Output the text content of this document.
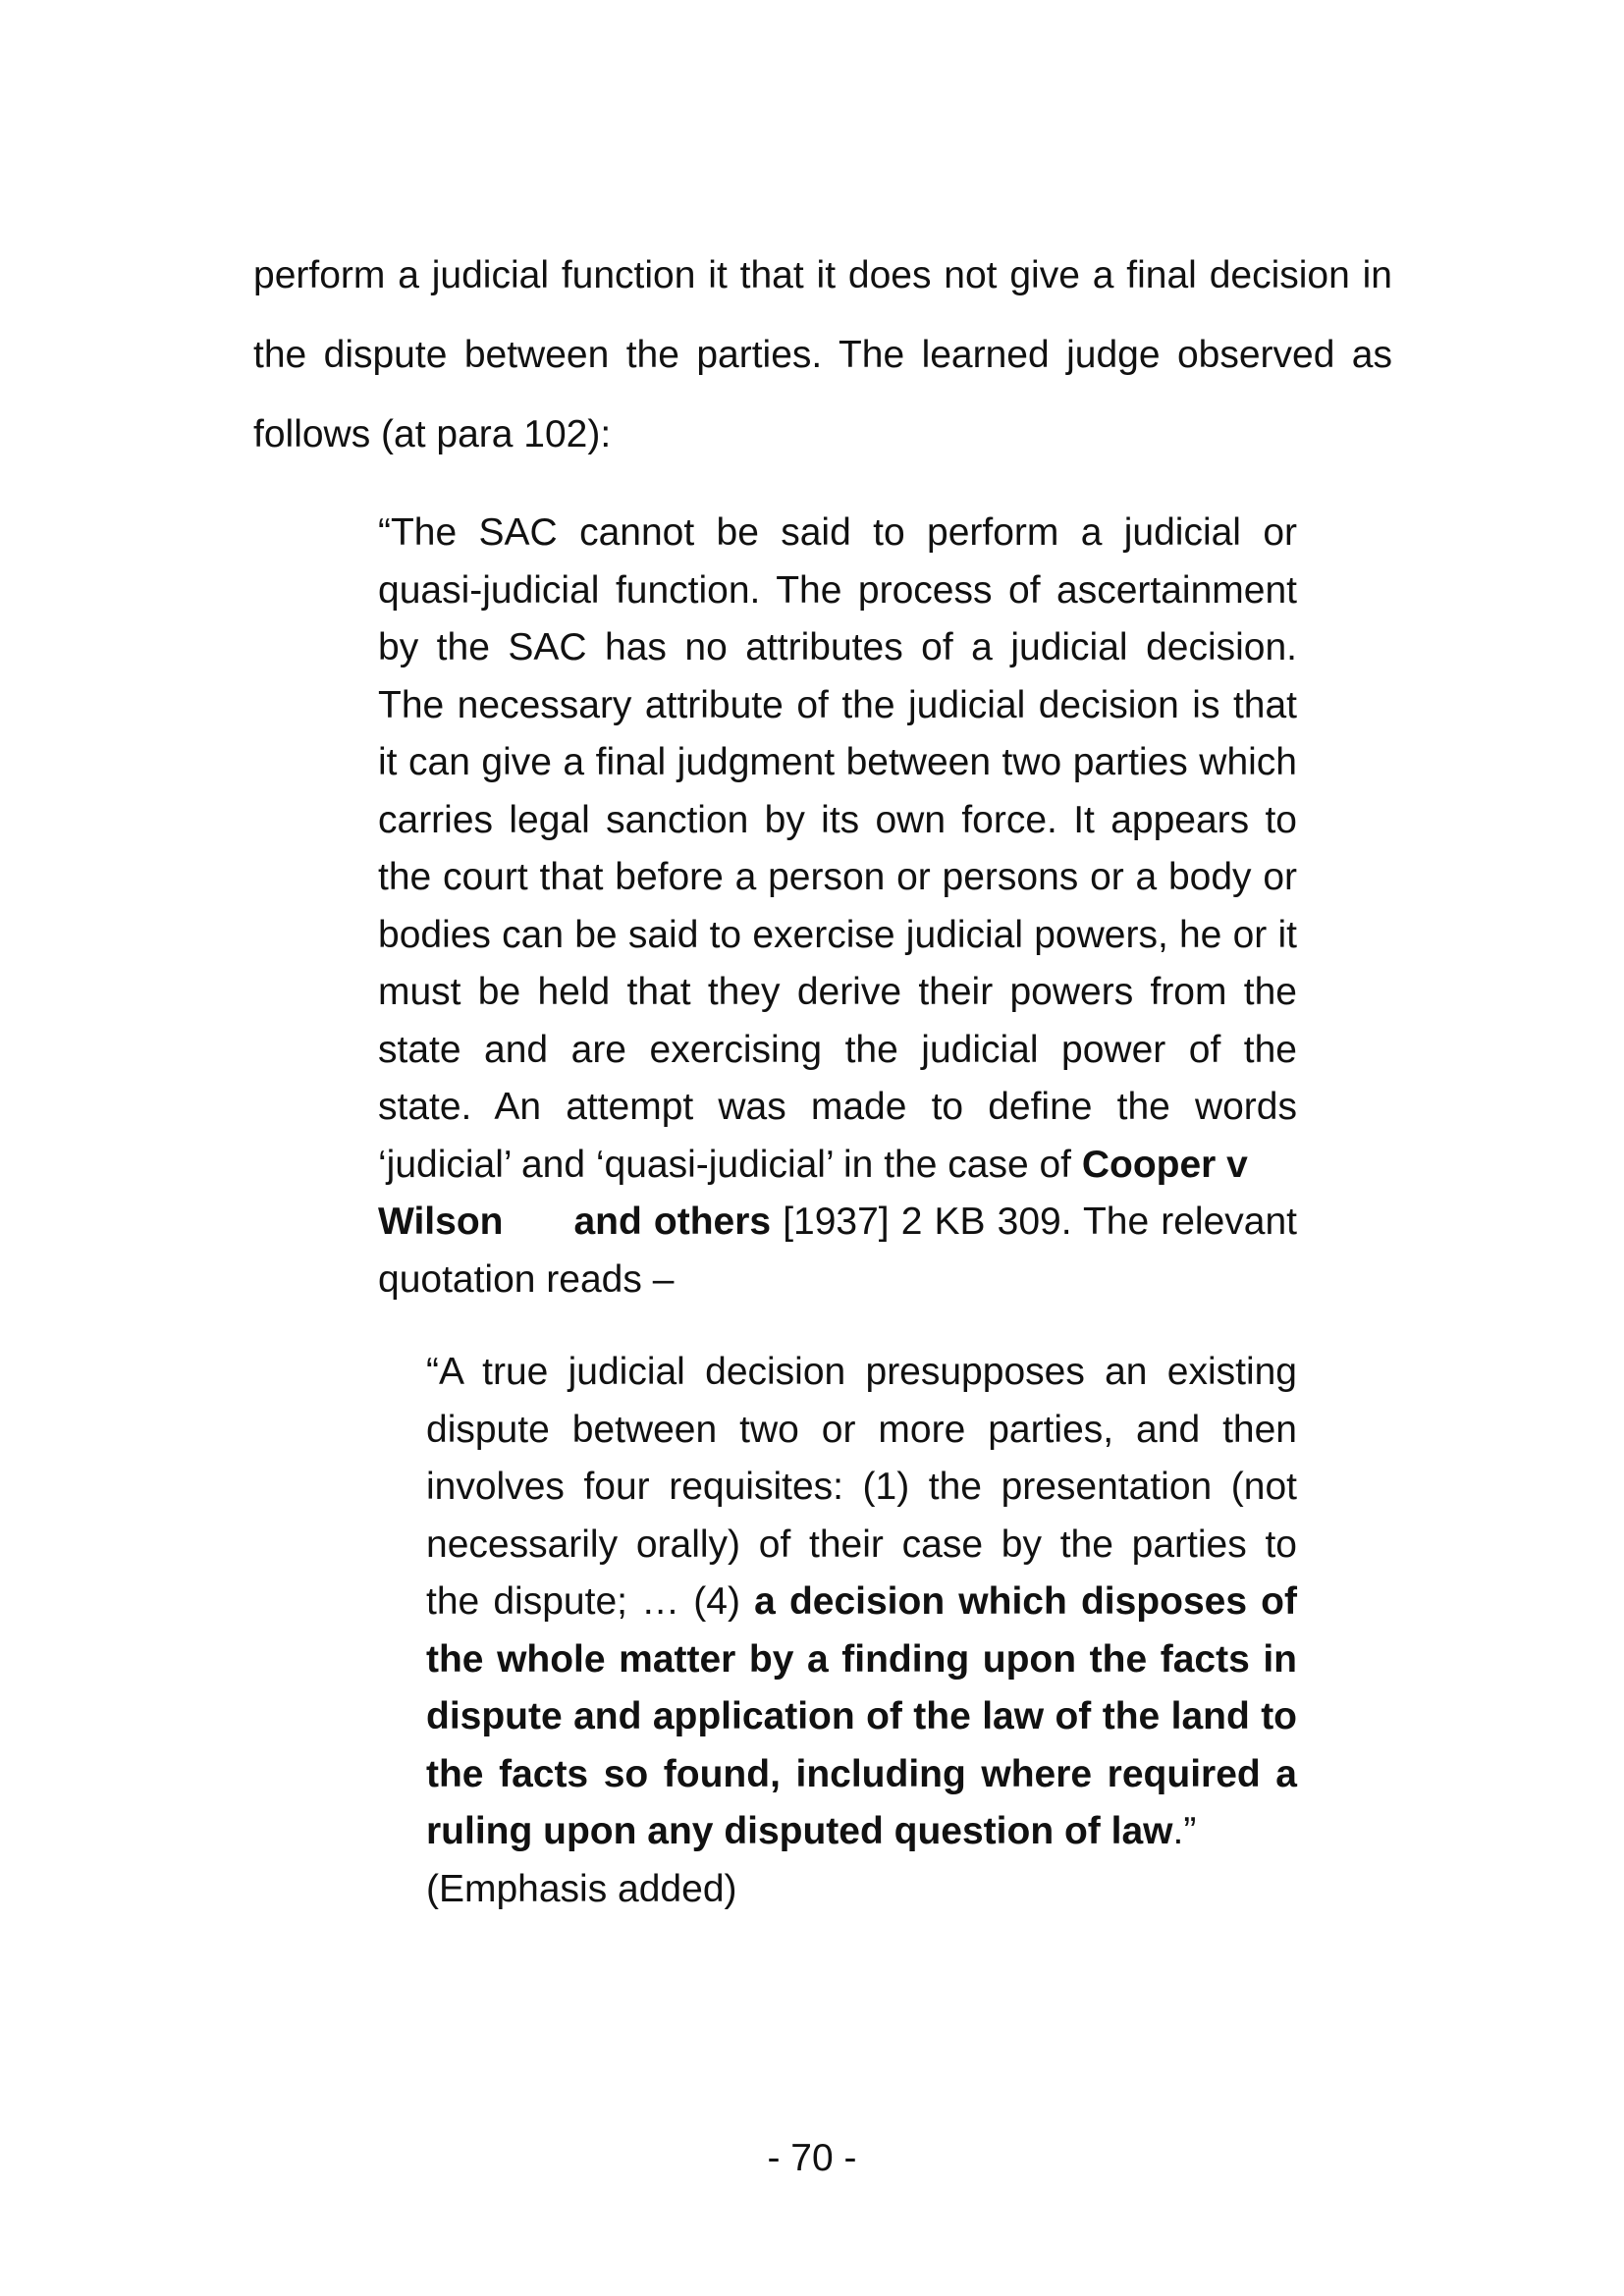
perform a judicial function it that it does not give a final decision in the dispute between the parties. The learned judge observed as follows (at para 102):

“The SAC cannot be said to perform a judicial or quasi-judicial function. The process of ascertainment by the SAC has no attributes of a judicial decision. The necessary attribute of the judicial decision is that it can give a final judgment between two parties which carries legal sanction by its own force. It appears to the court that before a person or persons or a body or bodies can be said to exercise judicial powers, he or it must be held that they derive their powers from the state and are exercising the judicial power of the state. An attempt was made to define the words ‘judicial’ and ‘quasi-judicial’ in the case of Cooper v
Wilson and others [1937] 2 KB 309. The relevant quotation reads –

“A true judicial decision presupposes an existing dispute between two or more parties, and then involves four requisites: (1) the presentation (not necessarily orally) of their case by the parties to the dispute; … (4) a decision which disposes of the whole matter by a finding upon the facts in dispute and application of the law of the land to the facts so found, including where required a ruling upon any disputed question of law.”
(Emphasis added)

- 70 -
